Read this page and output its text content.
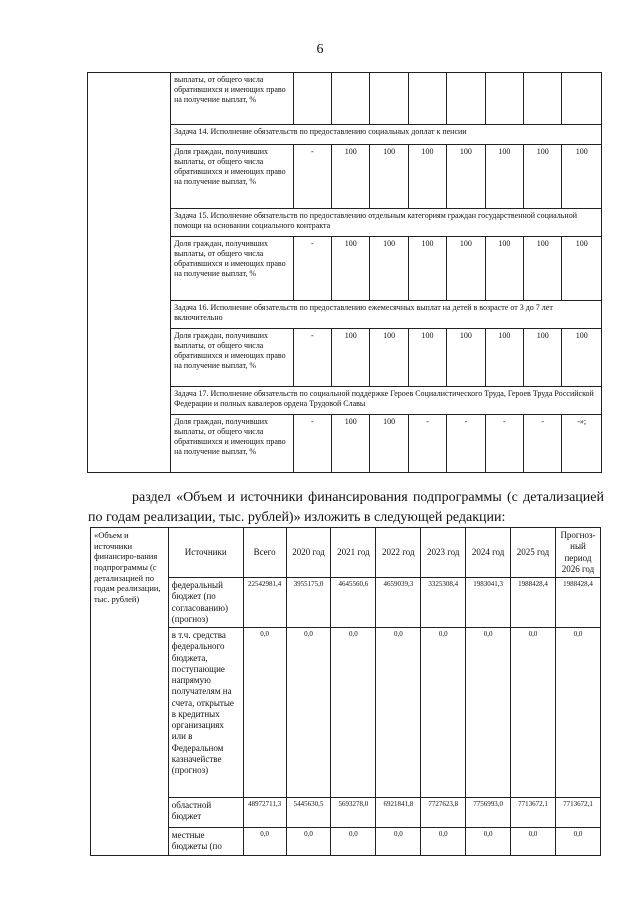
6
	выплаты, от общего числа обратившихся и имеющих право на получение выплат, %								
	Задача 14. Исполнение обязательств по предоставлению социальных доплат к пенсии								
	Доля граждан, получивших выплаты, от общего числа обратившихся и имеющих право на получение выплат, %	-	100	100	100	100	100	100	100
	Задача 15. Исполнение обязательств по предоставлению отдельным категориям граждан государственной социальной помощи на основании социального контракта								
	Доля граждан, получивших выплаты, от общего числа обратившихся и имеющих право на получение выплат, %	-	100	100	100	100	100	100	100
	Задача 16. Исполнение обязательств по предоставлению ежемесячных выплат на детей в возрасте от 3 до 7 лет включительно								
	Доля граждан, получивших выплаты, от общего числа обратившихся и имеющих право на получение выплат, %	-	100	100	100	100	100	100	100
	Задача 17. Исполнение обязательств по социальной поддержке Героев Социалистического Труда, Героев Труда Российской Федерации и полных кавалеров ордена Трудовой Славы								
	Доля граждан, получивших выплаты, от общего числа обратившихся и имеющих право на получение выплат, %	-	100	100	-	-	-	-	-»;
раздел «Объем и источники финансирования подпрограммы (с детализацией по годам реализации, тыс. рублей)» изложить в следующей редакции:
«Объем и источники финансиро-вания подпрограммы (с детализацией по годам реализации, тыс. рублей)	Источники	Всего	2020 год	2021 год	2022 год	2023 год	2024 год	2025 год	Прогноз-ный период 2026 год
	федеральный бюджет (по согласованию) (прогноз)	22542981,4	3955175,0	4645560,6	4659039,3	3325308,4	1983041,3	1988428,4	1988428,4
	в т.ч. средства федерального бюджета, поступающие напрямую получателям на счета, открытые в кредитных организациях или в Федеральном казначействе (прогноз)	0,0	0,0	0,0	0,0	0,0	0,0	0,0	0,0
	областной бюджет	48972711,3	5445630,5	5693278,0	6921841,8	7727623,8	7756993,0	7713672,1	7713672,1
	местные бюджеты (по	0,0	0,0	0,0	0,0	0,0	0,0	0,0	0,0
